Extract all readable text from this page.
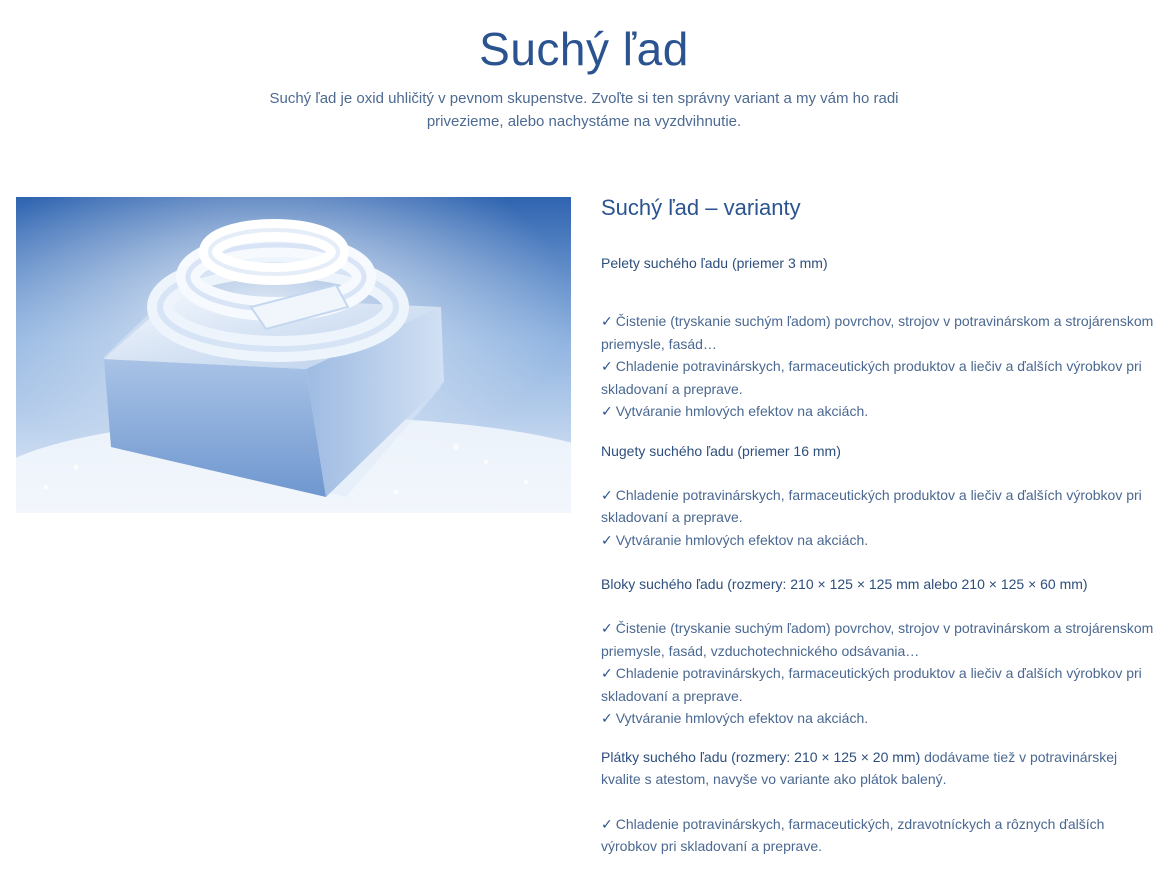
Suchý ľad

Suchý ľad je oxid uhličitý v pevnom skupenstve. Zvoľte si ten správny variant a my vám ho radi privezieme, alebo nachystáme na vyzdvihnutie.

Suchý ľad – varianty

Pelety suchého ľadu (priemer 3 mm)

✓ Čistenie (tryskanie suchým ľadom) povrchov, strojov v potravinárskom a strojárenskom priemysle, fasád…
✓ Chladenie potravinárskych, farmaceutických produktov a liečiv a ďalších výrobkov pri skladovaní a preprave.
✓ Vytváranie hmlových efektov na akciách.

Nugety suchého ľadu (priemer 16 mm)

✓ Chladenie potravinárskych, farmaceutických produktov a liečiv a ďalších výrobkov pri skladovaní a preprave.
✓ Vytváranie hmlových efektov na akciách.

Bloky suchého ľadu (rozmery: 210 × 125 × 125 mm alebo 210 × 125 × 60 mm)

✓ Čistenie (tryskanie suchým ľadom) povrchov, strojov v potravinárskom a strojárenskom priemysle, fasád, vzduchotechnického odsávania…
✓ Chladenie potravinárskych, farmaceutických produktov a liečiv a ďalších výrobkov pri skladovaní a preprave.
✓ Vytváranie hmlových efektov na akciách.

Plátky suchého ľadu (rozmery: 210 × 125 × 20 mm) dodávame tiež v potravinárskej kvalite s atestom, navyše vo variante ako plátok balený.

✓ Chladenie potravinárskych, farmaceutických, zdravotníckych a rôznych ďalších výrobkov pri skladovaní a preprave.
